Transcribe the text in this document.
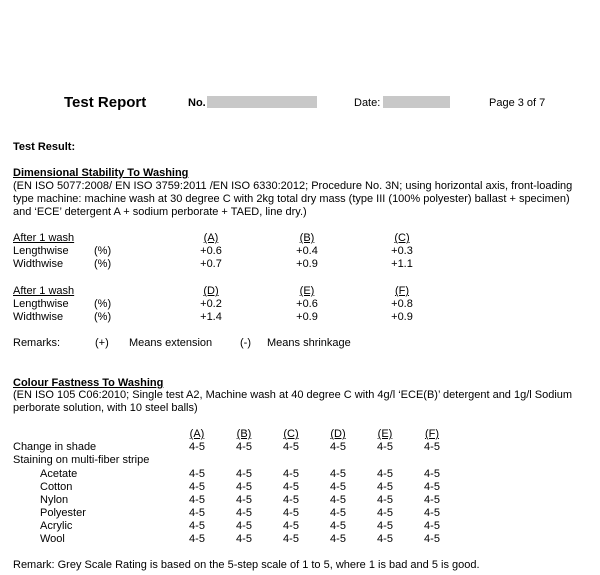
Test Report	No.	Date:	Page 3 of 7
Test Result:
Dimensional Stability To Washing
(EN ISO 5077:2008/ EN ISO 3759:2011 /EN ISO 6330:2012; Procedure No. 3N; using horizontal axis, front-loading type machine: machine wash at 30 degree C with 2kg total dry mass (type III (100% polyester) ballast + specimen) and ‘ECE’ detergent A + sodium perborate + TAED, line dry.)
After 1 wash	(A)	(B)	(C)
Lengthwise (%)	+0.6	+0.4	+0.3
Widthwise	(%)	+0.7	+0.9	+1.1
After 1 wash	(D)	(E)	(F)
Lengthwise (%)	+0.2	+0.6	+0.8
Widthwise	(%)	+1.4	+0.9	+0.9
Remarks:	(+) Means extension	(-) Means shrinkage
Colour Fastness To Washing
(EN ISO 105 C06:2010; Single test A2, Machine wash at 40 degree C with 4g/l ‘ECE(B)’ detergent and 1g/l Sodium perborate solution, with 10 steel balls)
(A)	(B)	(C)	(D)	(E)	(F)
Change in shade	4-5	4-5	4-5	4-5	4-5	4-5
Staining on multi-fiber stripe
Acetate	4-5	4-5	4-5	4-5	4-5	4-5
Cotton	4-5	4-5	4-5	4-5	4-5	4-5
Nylon	4-5	4-5	4-5	4-5	4-5	4-5
Polyester	4-5	4-5	4-5	4-5	4-5	4-5
Acrylic	4-5	4-5	4-5	4-5	4-5	4-5
Wool	4-5	4-5	4-5	4-5	4-5	4-5
Remark: Grey Scale Rating is based on the 5-step scale of 1 to 5, where 1 is bad and 5 is good.
